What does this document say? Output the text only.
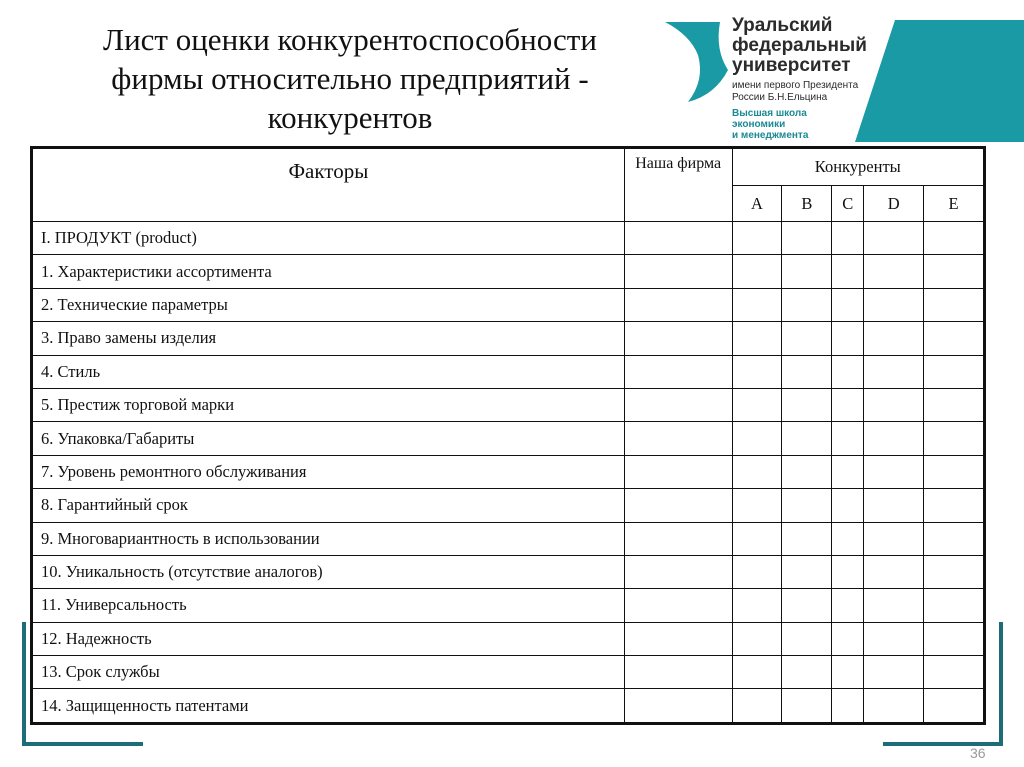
Лист оценки конкурентоспособности
фирмы относительно предприятий -
конкурентов
Уральский
федеральный
университет
имени первого Президента
России Б.Н.Ельцина
Высшая школа
экономики
и менеджмента
Факторы	Наша фирма	Конкуренты				
		A	B	C	D	E
I. ПРОДУКТ (product)						
1. Характеристики ассортимента						
2. Технические параметры						
3. Право замены изделия						
4. Стиль						
5. Престиж торговой марки						
6. Упаковка/Габариты						
7. Уровень ремонтного обслуживания						
8. Гарантийный срок						
9. Многовариантность в использовании						
10. Уникальность (отсутствие аналогов)						
11. Универсальность						
12. Надежность						
13. Срок службы						
14. Защищенность патентами						
36
